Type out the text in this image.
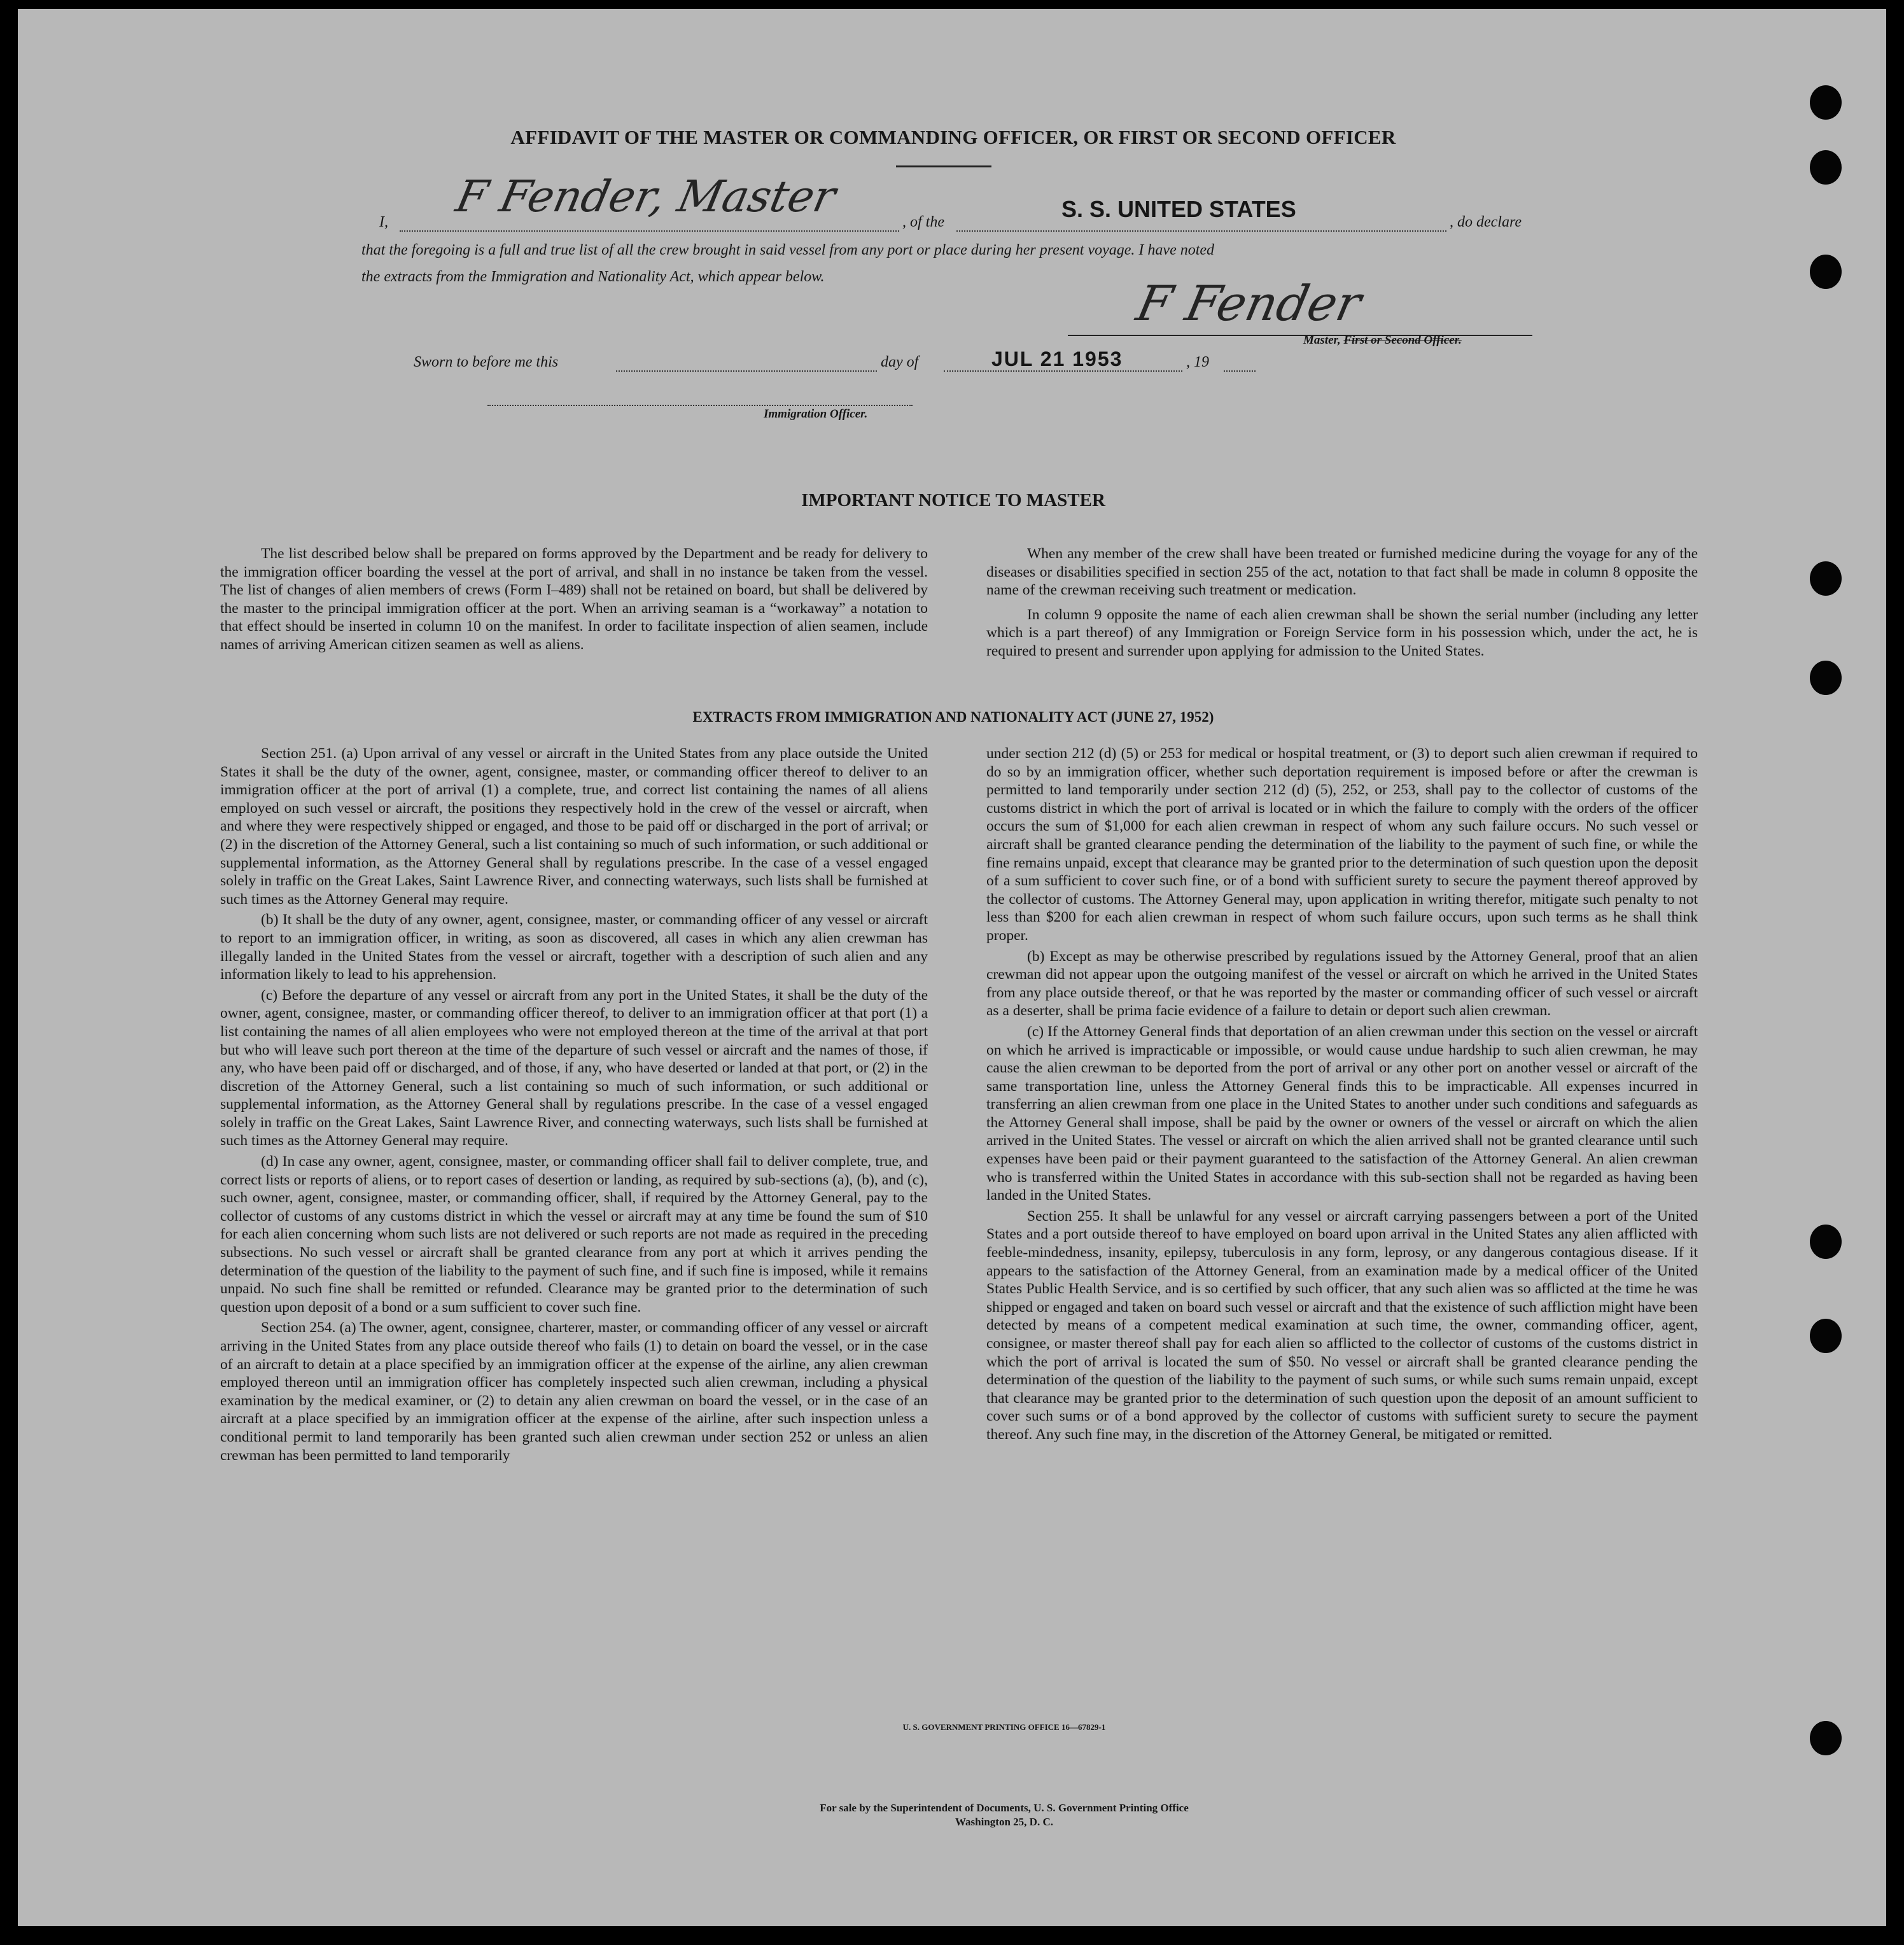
AFFIDAVIT OF THE MASTER OR COMMANDING OFFICER, OR FIRST OR SECOND OFFICER
I,	, of the	, do declare
F Fender, Master	S. S. UNITED STATES
that the foregoing is a full and true list of all the crew brought in said vessel from any port or place during her present voyage. I have noted
the extracts from the Immigration and Nationality Act, which appear below.	F Fender
Master, First or Second Officer.
Sworn to before me this	day of	, 19
JUL 21 1953
Immigration Officer.
IMPORTANT NOTICE TO MASTER

The list described below shall be prepared on forms approved by the Department and be ready for delivery to the immigration officer boarding the vessel at the port of arrival, and shall in no instance be taken from the vessel. The list of changes of alien members of crews (Form I–489) shall not be retained on board, but shall be delivered by the master to the principal immigration officer at the port. When an arriving seaman is a “workaway” a notation to that effect should be inserted in column 10 on the manifest. In order to facilitate inspection of alien seamen, include names of arriving American citizen seamen as well as aliens.

When any member of the crew shall have been treated or furnished medicine during the voyage for any of the diseases or disabilities specified in section 255 of the act, notation to that fact shall be made in column 8 opposite the name of the crewman receiving such treatment or medication.

In column 9 opposite the name of each alien crewman shall be shown the serial number (including any letter which is a part thereof) of any Immigration or Foreign Service form in his possession which, under the act, he is required to present and surrender upon applying for admission to the United States.

EXTRACTS FROM IMMIGRATION AND NATIONALITY ACT (JUNE 27, 1952)

Section 251. (a) Upon arrival of any vessel or aircraft in the United States from any place outside the United States it shall be the duty of the owner, agent, consignee, master, or commanding officer thereof to deliver to an immigration officer at the port of arrival (1) a complete, true, and correct list containing the names of all aliens employed on such vessel or aircraft, the positions they respectively hold in the crew of the vessel or aircraft, when and where they were respectively shipped or engaged, and those to be paid off or discharged in the port of arrival; or (2) in the discretion of the Attorney General, such a list containing so much of such information, or such additional or supplemental information, as the Attorney General shall by regulations prescribe. In the case of a vessel engaged solely in traffic on the Great Lakes, Saint Lawrence River, and connecting waterways, such lists shall be furnished at such times as the Attorney General may require.

(b) It shall be the duty of any owner, agent, consignee, master, or commanding officer of any vessel or aircraft to report to an immigration officer, in writing, as soon as discovered, all cases in which any alien crewman has illegally landed in the United States from the vessel or aircraft, together with a description of such alien and any information likely to lead to his apprehension.

(c) Before the departure of any vessel or aircraft from any port in the United States, it shall be the duty of the owner, agent, consignee, master, or commanding officer thereof, to deliver to an immigration officer at that port (1) a list containing the names of all alien employees who were not employed thereon at the time of the arrival at that port but who will leave such port thereon at the time of the departure of such vessel or aircraft and the names of those, if any, who have been paid off or discharged, and of those, if any, who have deserted or landed at that port, or (2) in the discretion of the Attorney General, such a list containing so much of such information, or such additional or supplemental information, as the Attorney General shall by regulations prescribe. In the case of a vessel engaged solely in traffic on the Great Lakes, Saint Lawrence River, and connecting waterways, such lists shall be furnished at such times as the Attorney General may require.

(d) In case any owner, agent, consignee, master, or commanding officer shall fail to deliver complete, true, and correct lists or reports of aliens, or to report cases of desertion or landing, as required by sub-sections (a), (b), and (c), such owner, agent, consignee, master, or commanding officer, shall, if required by the Attorney General, pay to the collector of customs of any customs district in which the vessel or aircraft may at any time be found the sum of $10 for each alien concerning whom such lists are not delivered or such reports are not made as required in the preceding subsections. No such vessel or aircraft shall be granted clearance from any port at which it arrives pending the determination of the question of the liability to the payment of such fine, and if such fine is imposed, while it remains unpaid. No such fine shall be remitted or refunded. Clearance may be granted prior to the determination of such question upon deposit of a bond or a sum sufficient to cover such fine.

Section 254. (a) The owner, agent, consignee, charterer, master, or commanding officer of any vessel or aircraft arriving in the United States from any place outside thereof who fails (1) to detain on board the vessel, or in the case of an aircraft to detain at a place specified by an immigration officer at the expense of the airline, any alien crewman employed thereon until an immigration officer has completely inspected such alien crewman, including a physical examination by the medical examiner, or (2) to detain any alien crewman on board the vessel, or in the case of an aircraft at a place specified by an immigration officer at the expense of the airline, after such inspection unless a conditional permit to land temporarily has been granted such alien crewman under section 252 or unless an alien crewman has been permitted to land temporarily

under section 212 (d) (5) or 253 for medical or hospital treatment, or (3) to deport such alien crewman if required to do so by an immigration officer, whether such deportation requirement is imposed before or after the crewman is permitted to land temporarily under section 212 (d) (5), 252, or 253, shall pay to the collector of customs of the customs district in which the port of arrival is located or in which the failure to comply with the orders of the officer occurs the sum of $1,000 for each alien crewman in respect of whom any such failure occurs. No such vessel or aircraft shall be granted clearance pending the determination of the liability to the payment of such fine, or while the fine remains unpaid, except that clearance may be granted prior to the determination of such question upon the deposit of a sum sufficient to cover such fine, or of a bond with sufficient surety to secure the payment thereof approved by the collector of customs. The Attorney General may, upon application in writing therefor, mitigate such penalty to not less than $200 for each alien crewman in respect of whom such failure occurs, upon such terms as he shall think proper.

(b) Except as may be otherwise prescribed by regulations issued by the Attorney General, proof that an alien crewman did not appear upon the outgoing manifest of the vessel or aircraft on which he arrived in the United States from any place outside thereof, or that he was reported by the master or commanding officer of such vessel or aircraft as a deserter, shall be prima facie evidence of a failure to detain or deport such alien crewman.

(c) If the Attorney General finds that deportation of an alien crewman under this section on the vessel or aircraft on which he arrived is impracticable or impossible, or would cause undue hardship to such alien crewman, he may cause the alien crewman to be deported from the port of arrival or any other port on another vessel or aircraft of the same transportation line, unless the Attorney General finds this to be impracticable. All expenses incurred in transferring an alien crewman from one place in the United States to another under such conditions and safeguards as the Attorney General shall impose, shall be paid by the owner or owners of the vessel or aircraft on which the alien arrived in the United States. The vessel or aircraft on which the alien arrived shall not be granted clearance until such expenses have been paid or their payment guaranteed to the satisfaction of the Attorney General. An alien crewman who is transferred within the United States in accordance with this sub-section shall not be regarded as having been landed in the United States.

Section 255. It shall be unlawful for any vessel or aircraft carrying passengers between a port of the United States and a port outside thereof to have employed on board upon arrival in the United States any alien afflicted with feeble-mindedness, insanity, epilepsy, tuberculosis in any form, leprosy, or any dangerous contagious disease. If it appears to the satisfaction of the Attorney General, from an examination made by a medical officer of the United States Public Health Service, and is so certified by such officer, that any such alien was so afflicted at the time he was shipped or engaged and taken on board such vessel or aircraft and that the existence of such affliction might have been detected by means of a competent medical examination at such time, the owner, commanding officer, agent, consignee, or master thereof shall pay for each alien so afflicted to the collector of customs of the customs district in which the port of arrival is located the sum of $50. No vessel or aircraft shall be granted clearance pending the determination of the question of the liability to the payment of such sums, or while such sums remain unpaid, except that clearance may be granted prior to the determination of such question upon the deposit of an amount sufficient to cover such sums or of a bond approved by the collector of customs with sufficient surety to secure the payment thereof. Any such fine may, in the discretion of the Attorney General, be mitigated or remitted.

U. S. GOVERNMENT PRINTING OFFICE 16—67829-1
For sale by the Superintendent of Documents, U. S. Government Printing Office
Washington 25, D. C.
